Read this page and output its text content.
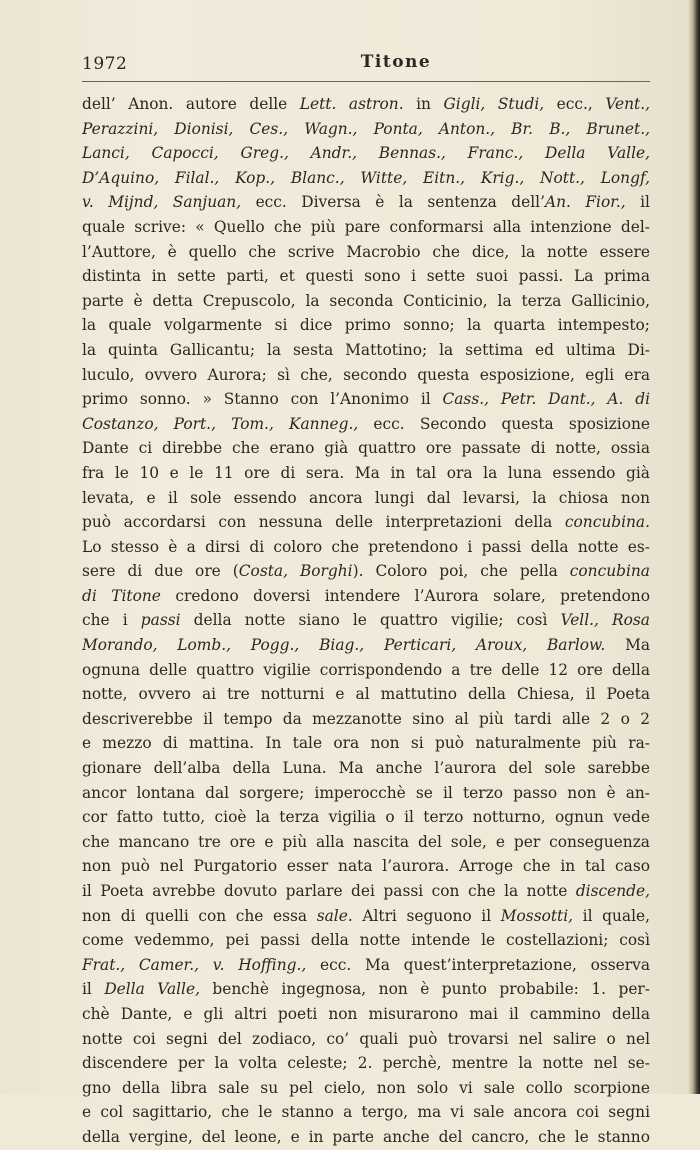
1972	Titone
dell’ Anon. autore delle Lett. astron. in Gigli, Studi, ecc., Vent.,
Perazzini, Dionisi, Ces., Wagn., Ponta, Anton., Br. B., Brunet.,
Lanci, Capocci, Greg., Andr., Bennas., Franc., Della Valle,
D’Aquino, Filal., Kop., Blanc., Witte, Eitn., Krig., Nott., Longf,
v. Mijnd, Sanjuan, ecc. Diversa è la sentenza dell’An. Fior., il
quale scrive: « Quello che più pare conformarsi alla intenzione del-
l’Auttore, è quello che scrive Macrobio che dice, la notte essere
distinta in sette parti, et questi sono i sette suoi passi. La prima
parte è detta Crepuscolo, la seconda Conticinio, la terza Gallicinio,
la quale volgarmente si dice primo sonno; la quarta intempesto;
la quinta Gallicantu; la sesta Mattotino; la settima ed ultima Di-
luculo, ovvero Aurora; sì che, secondo questa esposizione, egli era
primo sonno. » Stanno con l’Anonimo il Cass., Petr. Dant., A. di
Costanzo, Port., Tom., Kanneg., ecc. Secondo questa sposizione
Dante ci direbbe che erano già quattro ore passate di notte, ossia
fra le 10 e le 11 ore di sera. Ma in tal ora la luna essendo già
levata, e il sole essendo ancora lungi dal levarsi, la chiosa non
può accordarsi con nessuna delle interpretazioni della concubina.
Lo stesso è a dirsi di coloro che pretendono i passi della notte es-
sere di due ore (Costa, Borghi). Coloro poi, che pella concubina
di Titone credono doversi intendere l’Aurora solare, pretendono
che i passi della notte siano le quattro vigilie; così Vell., Rosa
Morando, Lomb., Pogg., Biag., Perticari, Aroux, Barlow. Ma
ognuna delle quattro vigilie corrispondendo a tre delle 12 ore della
notte, ovvero ai tre notturni e al mattutino della Chiesa, il Poeta
descriverebbe il tempo da mezzanotte sino al più tardi alle 2 o 2
e mezzo di mattina. In tale ora non si può naturalmente più ra-
gionare dell’alba della Luna. Ma anche l’aurora del sole sarebbe
ancor lontana dal sorgere; imperocchè se il terzo passo non è an-
cor fatto tutto, cioè la terza vigilia o il terzo notturno, ognun vede
che mancano tre ore e più alla nascita del sole, e per conseguenza
non può nel Purgatorio esser nata l’aurora. Arroge che in tal caso
il Poeta avrebbe dovuto parlare dei passi con che la notte discende,
non di quelli con che essa sale. Altri seguono il Mossotti, il quale,
come vedemmo, pei passi della notte intende le costellazioni; così
Frat., Camer., v. Hoffing., ecc. Ma quest’interpretazione, osserva
il Della Valle, benchè ingegnosa, non è punto probabile: 1. per-
chè Dante, e gli altri poeti non misurarono mai il cammino della
notte coi segni del zodiaco, co’ quali può trovarsi nel salire o nel
discendere per la volta celeste; 2. perchè, mentre la notte nel se-
gno della libra sale su pel cielo, non solo vi sale collo scorpione
e col sagittario, che le stanno a tergo, ma vi sale ancora coi segni
della vergine, del leone, e in parte anche del cancro, che le stanno
